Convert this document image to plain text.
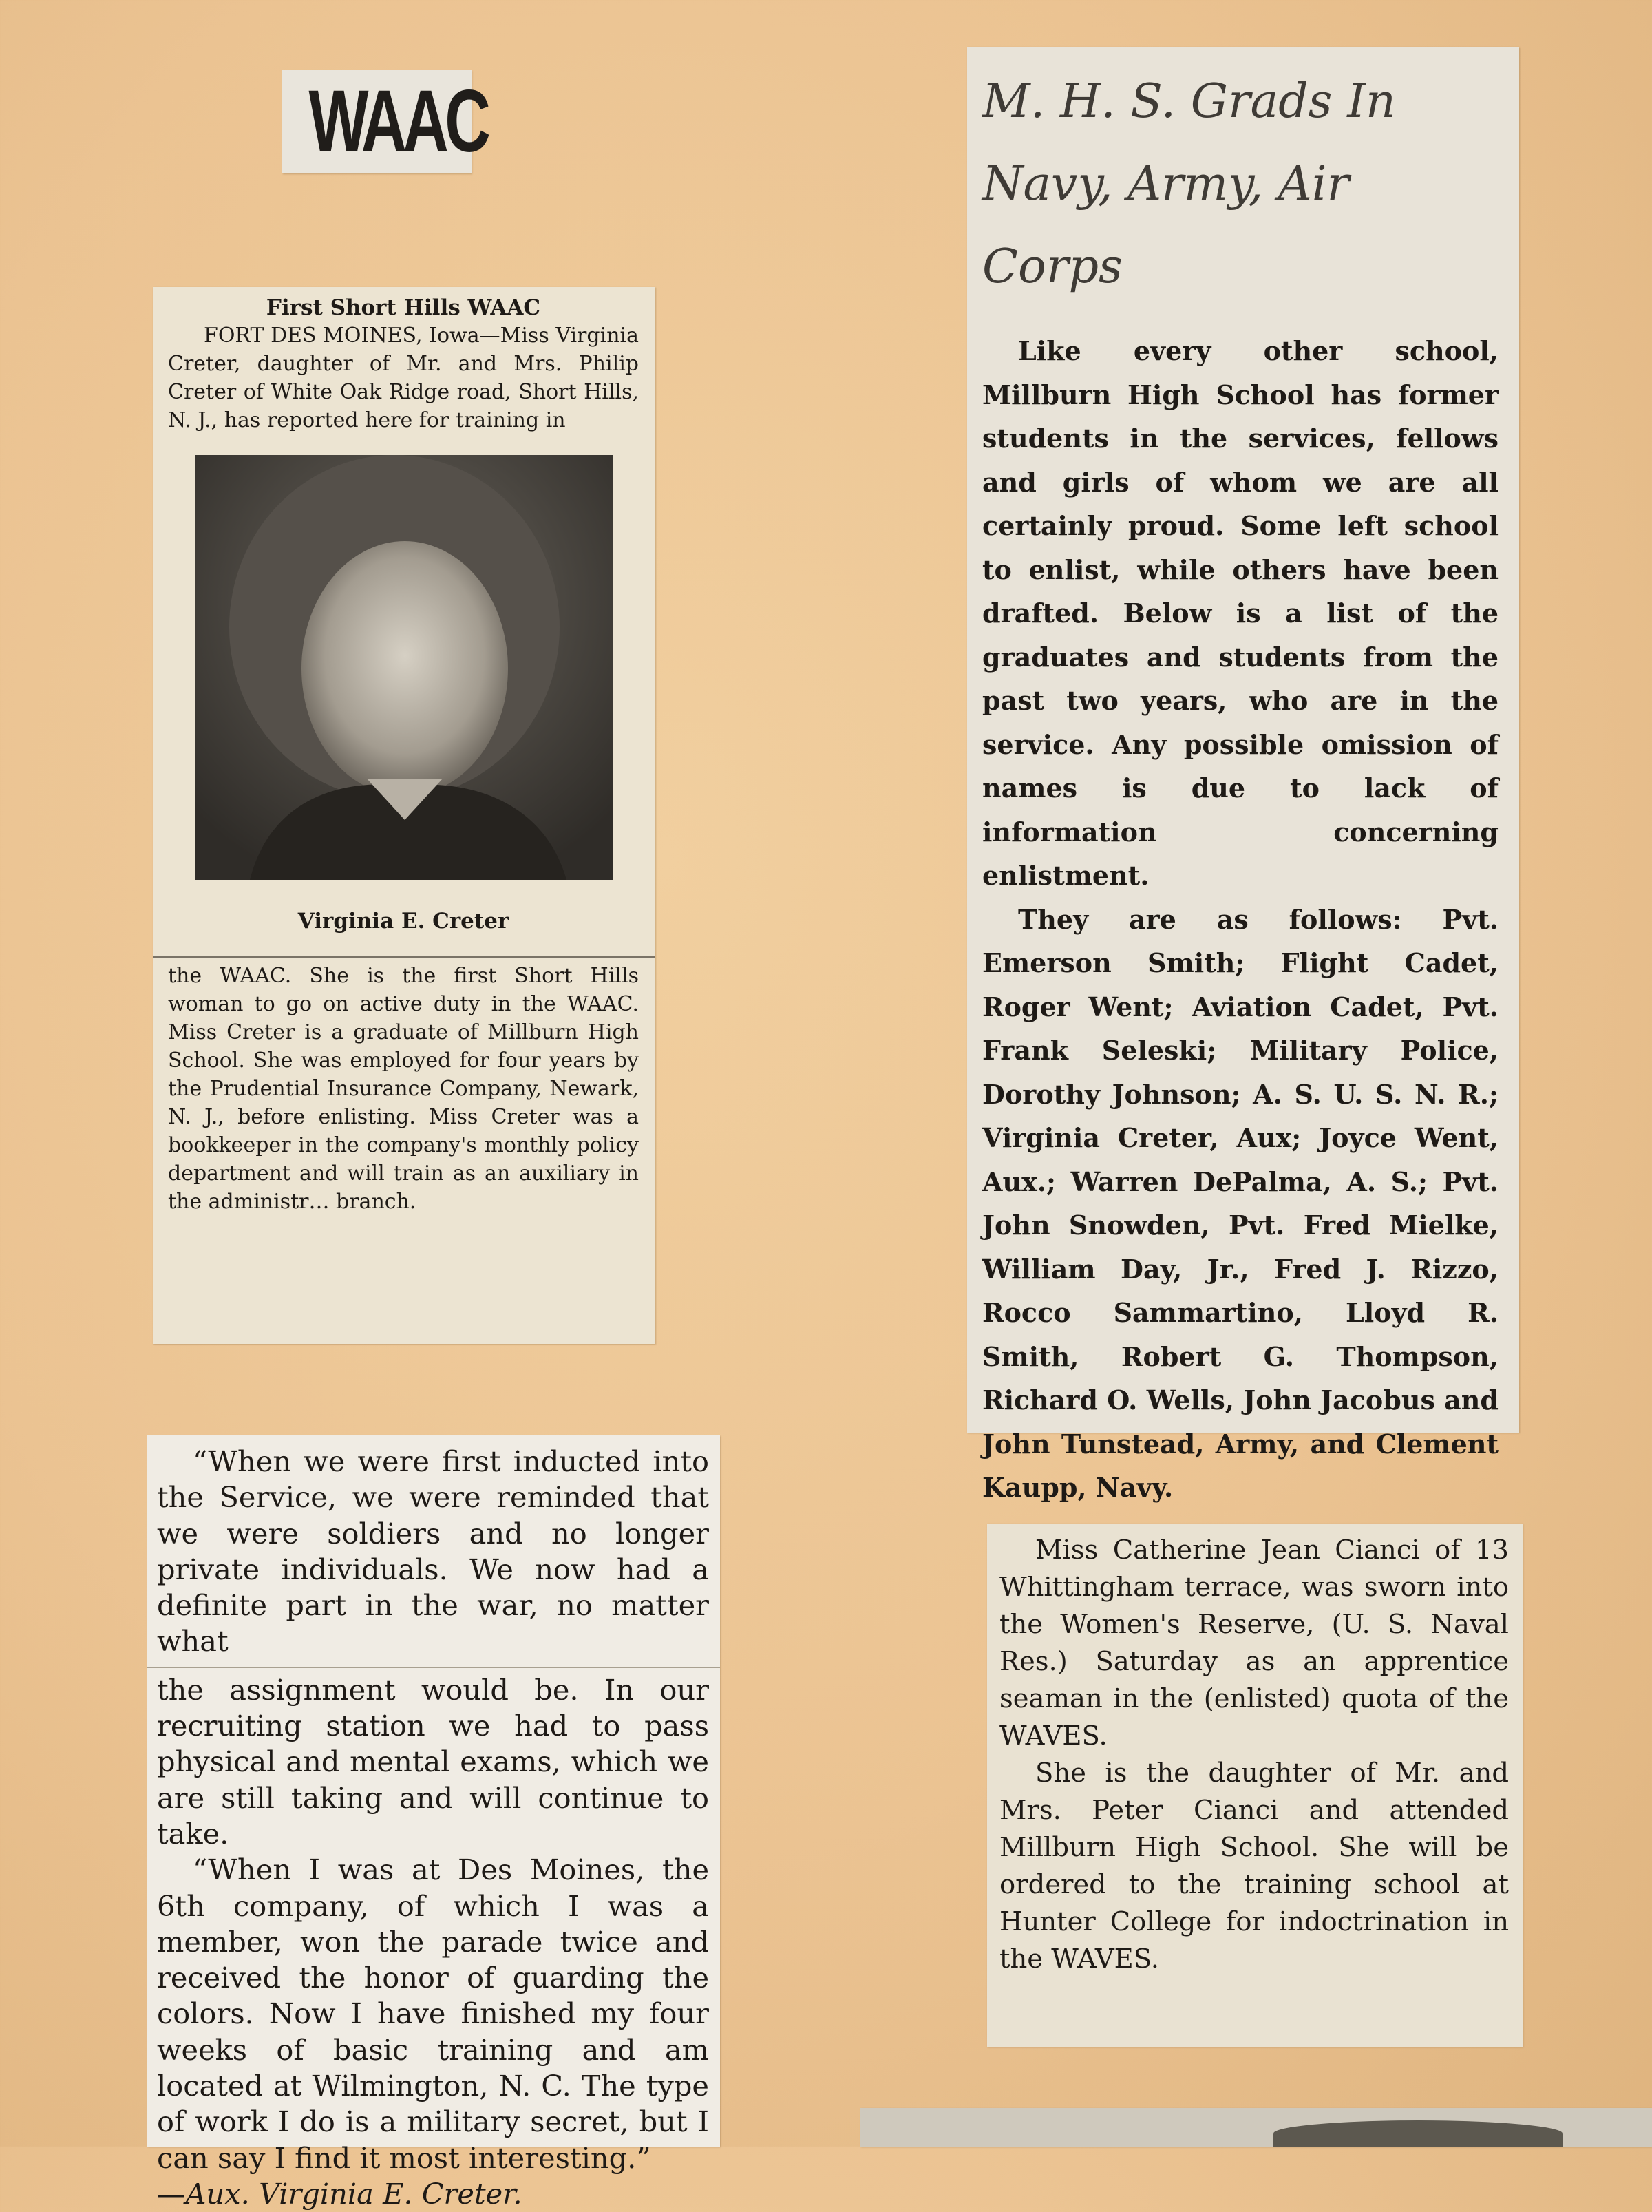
WAAC

First Short Hills WAAC

FORT DES MOINES, Iowa—Miss Virginia Creter, daughter of Mr. and Mrs. Philip Creter of White Oak Ridge road, Short Hills, N. J., has reported here for training in

Virginia E. Creter

the WAAC. She is the first Short Hills woman to go on active duty in the WAAC. Miss Creter is a graduate of Millburn High School. She was employed for four years by the Prudential Insurance Company, Newark, N. J., before enlisting. Miss Creter was a bookkeeper in the company's monthly policy department and will train as an auxiliary in the administr… branch.

M. H. S. Grads In
Navy, Army, Air Corps

Like every other school, Millburn High School has former students in the services, fellows and girls of whom we are all certainly proud. Some left school to enlist, while others have been drafted. Below is a list of the graduates and students from the past two years, who are in the service. Any possible omission of names is due to lack of information concerning enlistment.

They are as follows: Pvt. Emerson Smith; Flight Cadet, Roger Went; Aviation Cadet, Pvt. Frank Seleski; Military Police, Dorothy Johnson; A. S. U. S. N. R.; Virginia Creter, Aux; Joyce Went, Aux.; Warren DePalma, A. S.; Pvt. John Snowden, Pvt. Fred Mielke, William Day, Jr., Fred J. Rizzo, Rocco Sammartino, Lloyd R. Smith, Robert G. Thompson, Richard O. Wells, John Jacobus and John Tunstead, Army, and Clement Kaupp, Navy.

“When we were first inducted into the Service, we were reminded that we were soldiers and no longer private individuals. We now had a definite part in the war, no matter what

the assignment would be. In our recruiting station we had to pass physical and mental exams, which we are still taking and will continue to take.

“When I was at Des Moines, the 6th company, of which I was a member, won the parade twice and received the honor of guarding the colors. Now I have finished my four weeks of basic training and am located at Wilmington, N. C. The type of work I do is a military secret, but I can say I find it most interesting.”

—Aux. Virginia E. Creter.

Miss Catherine Jean Cianci of 13 Whittingham terrace, was sworn into the Women's Reserve, (U. S. Naval Res.) Saturday as an apprentice seaman in the (enlisted) quota of the WAVES.

She is the daughter of Mr. and Mrs. Peter Cianci and attended Millburn High School. She will be ordered to the training school at Hunter College for indoctrination in the WAVES.
